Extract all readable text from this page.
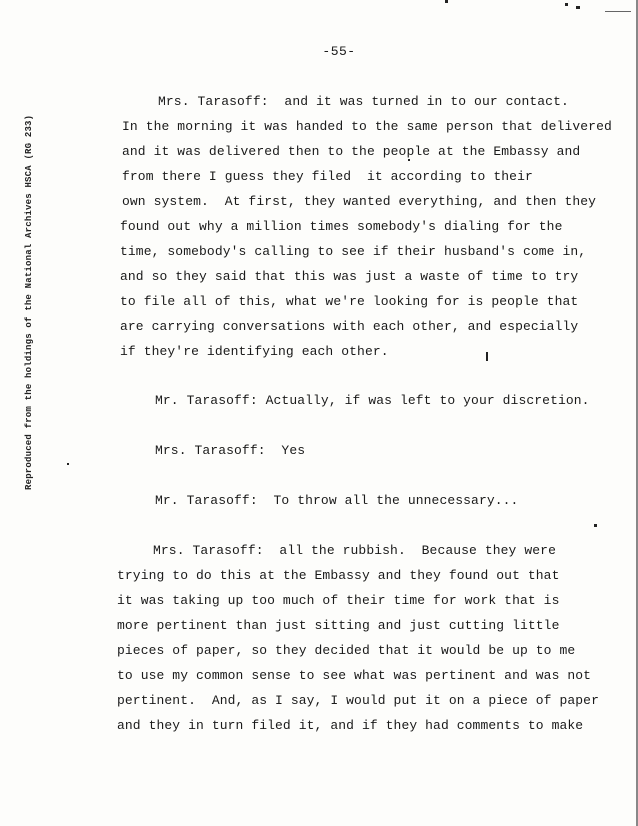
-55-
Reproduced from the holdings of the National Archives HSCA (RG 233)
Mrs. Tarasoff:  and it was turned in to our contact.
In the morning it was handed to the same person that delivered
and it was delivered then to the people at the Embassy and
from there I guess they filed  it according to their
own system.  At first, they wanted everything, and then they
found out why a million times somebody's dialing for the
time, somebody's calling to see if their husband's come in,
and so they said that this was just a waste of time to try
to file all of this, what we're looking for is people that
are carrying conversations with each other, and especially
if they're identifying each other.
Mr. Tarasoff: Actually, if was left to your discretion.
Mrs. Tarasoff:  Yes
Mr. Tarasoff:  To throw all the unnecessary...
Mrs. Tarasoff:  all the rubbish.  Because they were
trying to do this at the Embassy and they found out that
it was taking up too much of their time for work that is
more pertinent than just sitting and just cutting little
pieces of paper, so they decided that it would be up to me
to use my common sense to see what was pertinent and was not
pertinent.  And, as I say, I would put it on a piece of paper
and they in turn filed it, and if they had comments to make
